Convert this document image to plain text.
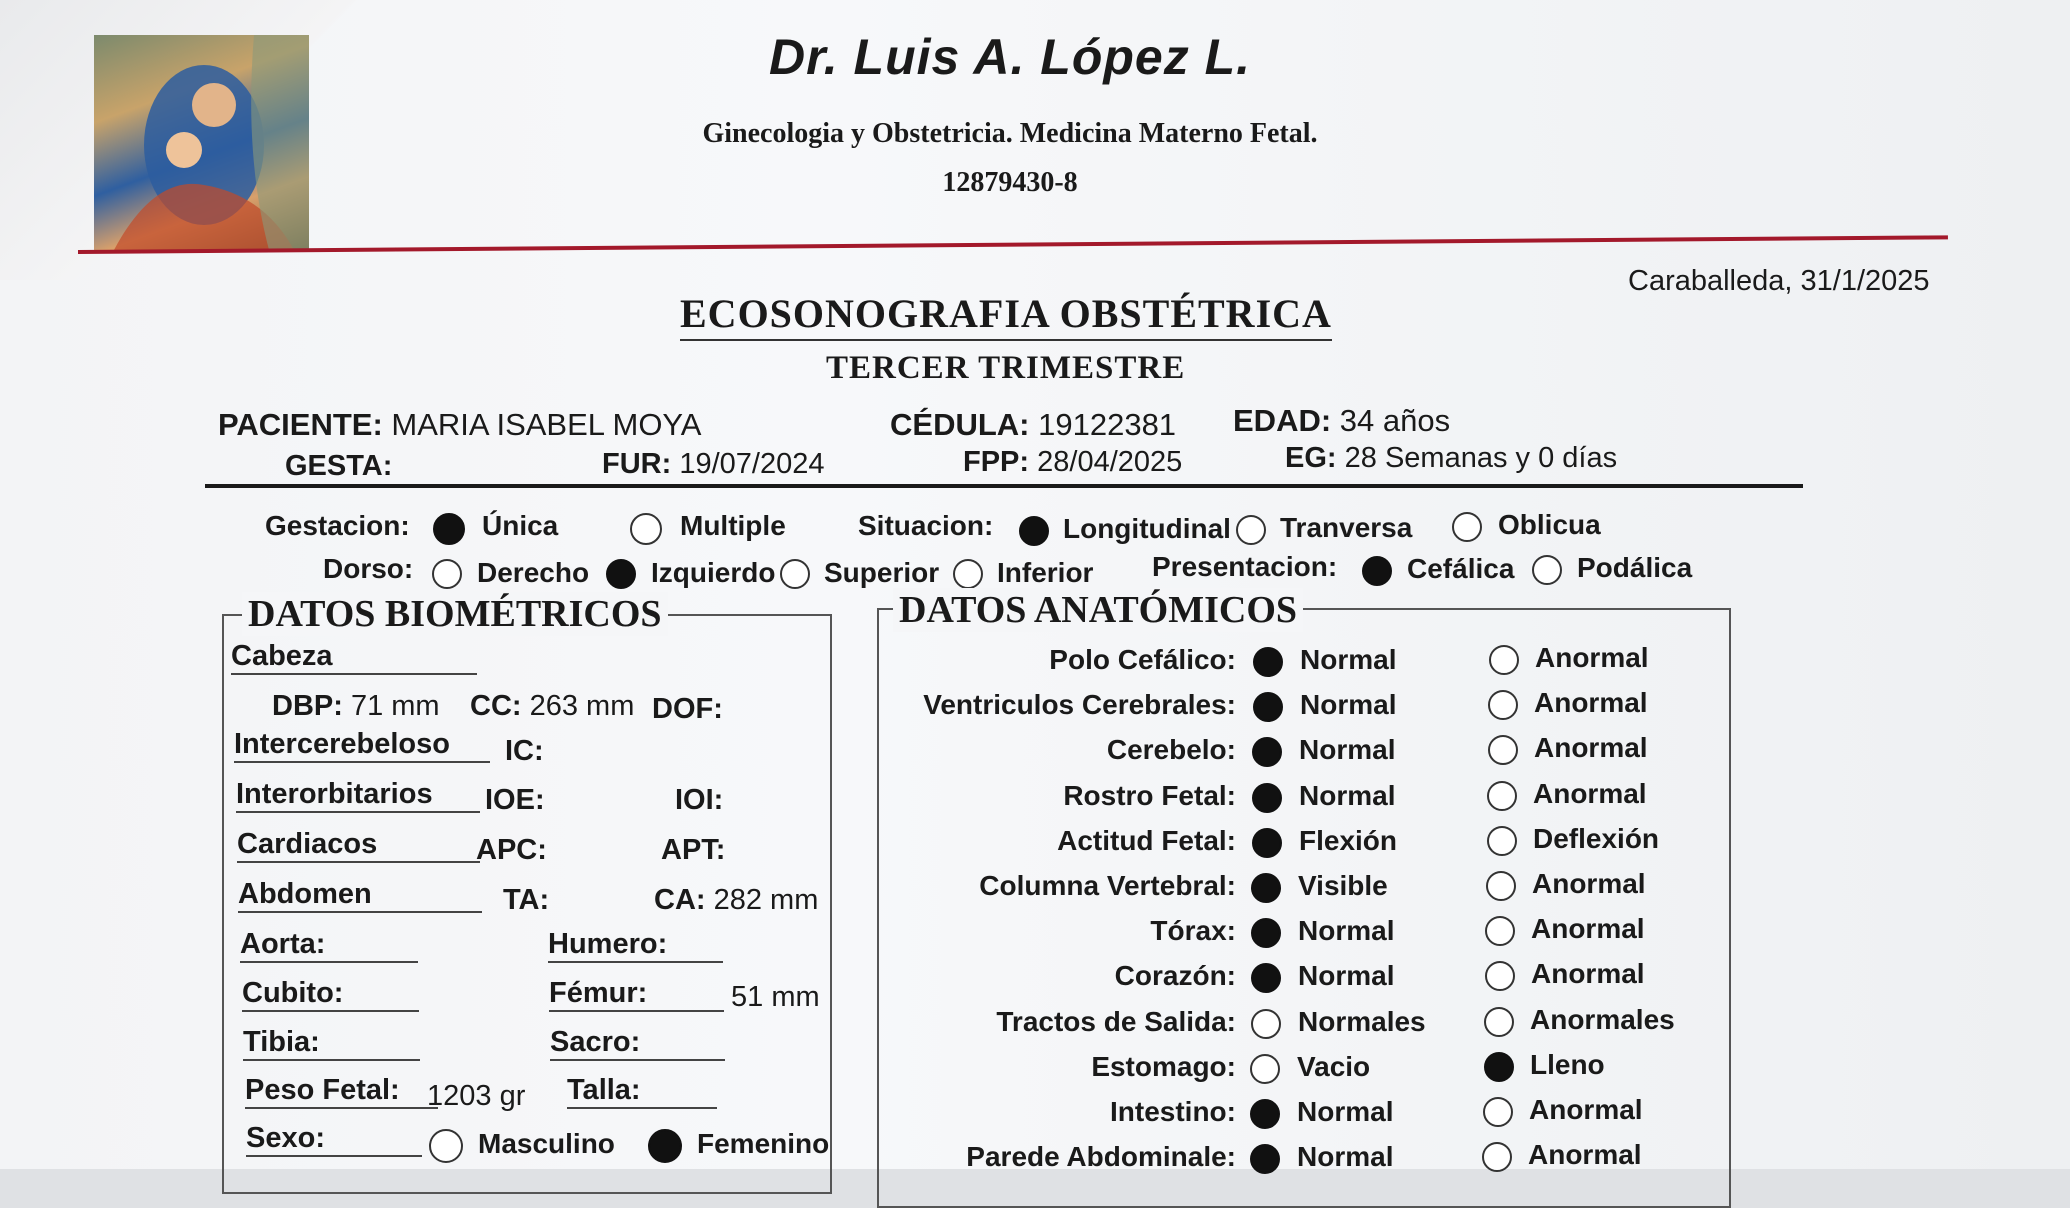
Dr. Luis A. López L.
Ginecologia y Obstetricia. Medicina Materno Fetal.
12879430-8
Caraballeda, 31/1/2025
ECOSONOGRAFIA OBSTÉTRICA
TERCER TRIMESTRE
PACIENTE: MARIA ISABEL MOYA	CÉDULA: 19122381 EDAD: 34 años
GESTA:	FUR: 19/07/2024	FPP: 28/04/2025	EG: 28 Semanas y 0 días
Gestacion:	Única	Multiple	Situacion: Longitudinal Tranversa	Oblicua
Dorso: Derecho Izquierdo Superior Inferior Presentacion: Cefálica Podálica
DATOS BIOMÉTRICOS
Cabeza
DBP: 71 mm CC: 263 mm DOF:
Intercerebeloso	IC:
Interorbitarios	IOE:	IOI:
Cardiacos	APC:	APT:
Abdomen	TA:	CA: 282 mm
Aorta:	Humero:
Cubito:	Fémur:	51 mm
Tibia:	Sacro:
Peso Fetal: 1203 gr Talla:
Sexo:	Masculino	Femenino
DATOS ANATÓMICOS
Polo Cefálico: Normal	Anormal
Ventriculos Cerebrales: Normal	Anormal
Cerebelo: Normal	Anormal
Rostro Fetal: Normal	Anormal
Actitud Fetal: Flexión	Deflexión
Columna Vertebral: Visible	Anormal
Tórax: Normal	Anormal
Corazón: Normal	Anormal
Tractos de Salida: Normales	Anormales
Estomago: Vacio	Lleno
Intestino: Normal	Anormal
Parede Abdominale: Normal	Anormal
